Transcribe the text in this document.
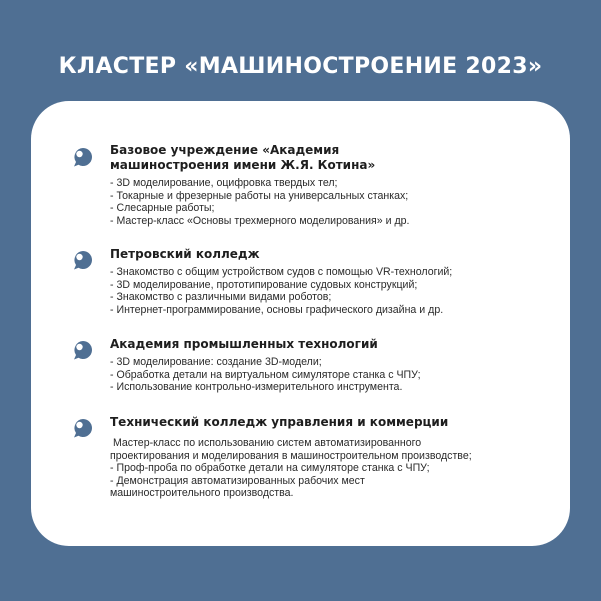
КЛАСТЕР «МАШИНОСТРОЕНИЕ 2023»
Базовое учреждение «Академия
машиностроения имени Ж.Я. Котина»
- 3D моделирование, оцифровка твердых тел;
- Токарные и фрезерные работы на универсальных станках;
- Слесарные работы;
- Мастер-класс «Основы трехмерного моделирования» и др.
Петровский колледж
- Знакомство с общим устройством судов с помощью VR-технологий;
- 3D моделирование, прототипирование судовых конструкций;
- Знакомство с различными видами роботов;
- Интернет-программирование, основы графического дизайна и др.
Академия промышленных технологий
- 3D моделирование: создание 3D-модели;
- Обработка детали на виртуальном симуляторе станка с ЧПУ;
- Использование контрольно-измерительного инструмента.
Технический колледж управления и коммерции
Мастер-класс по использованию систем автоматизированного
проектирования и моделирования в машиностроительном производстве;
- Проф-проба по обработке детали на симуляторе станка с ЧПУ;
- Демонстрация автоматизированных рабочих мест
машиностроительного производства.
